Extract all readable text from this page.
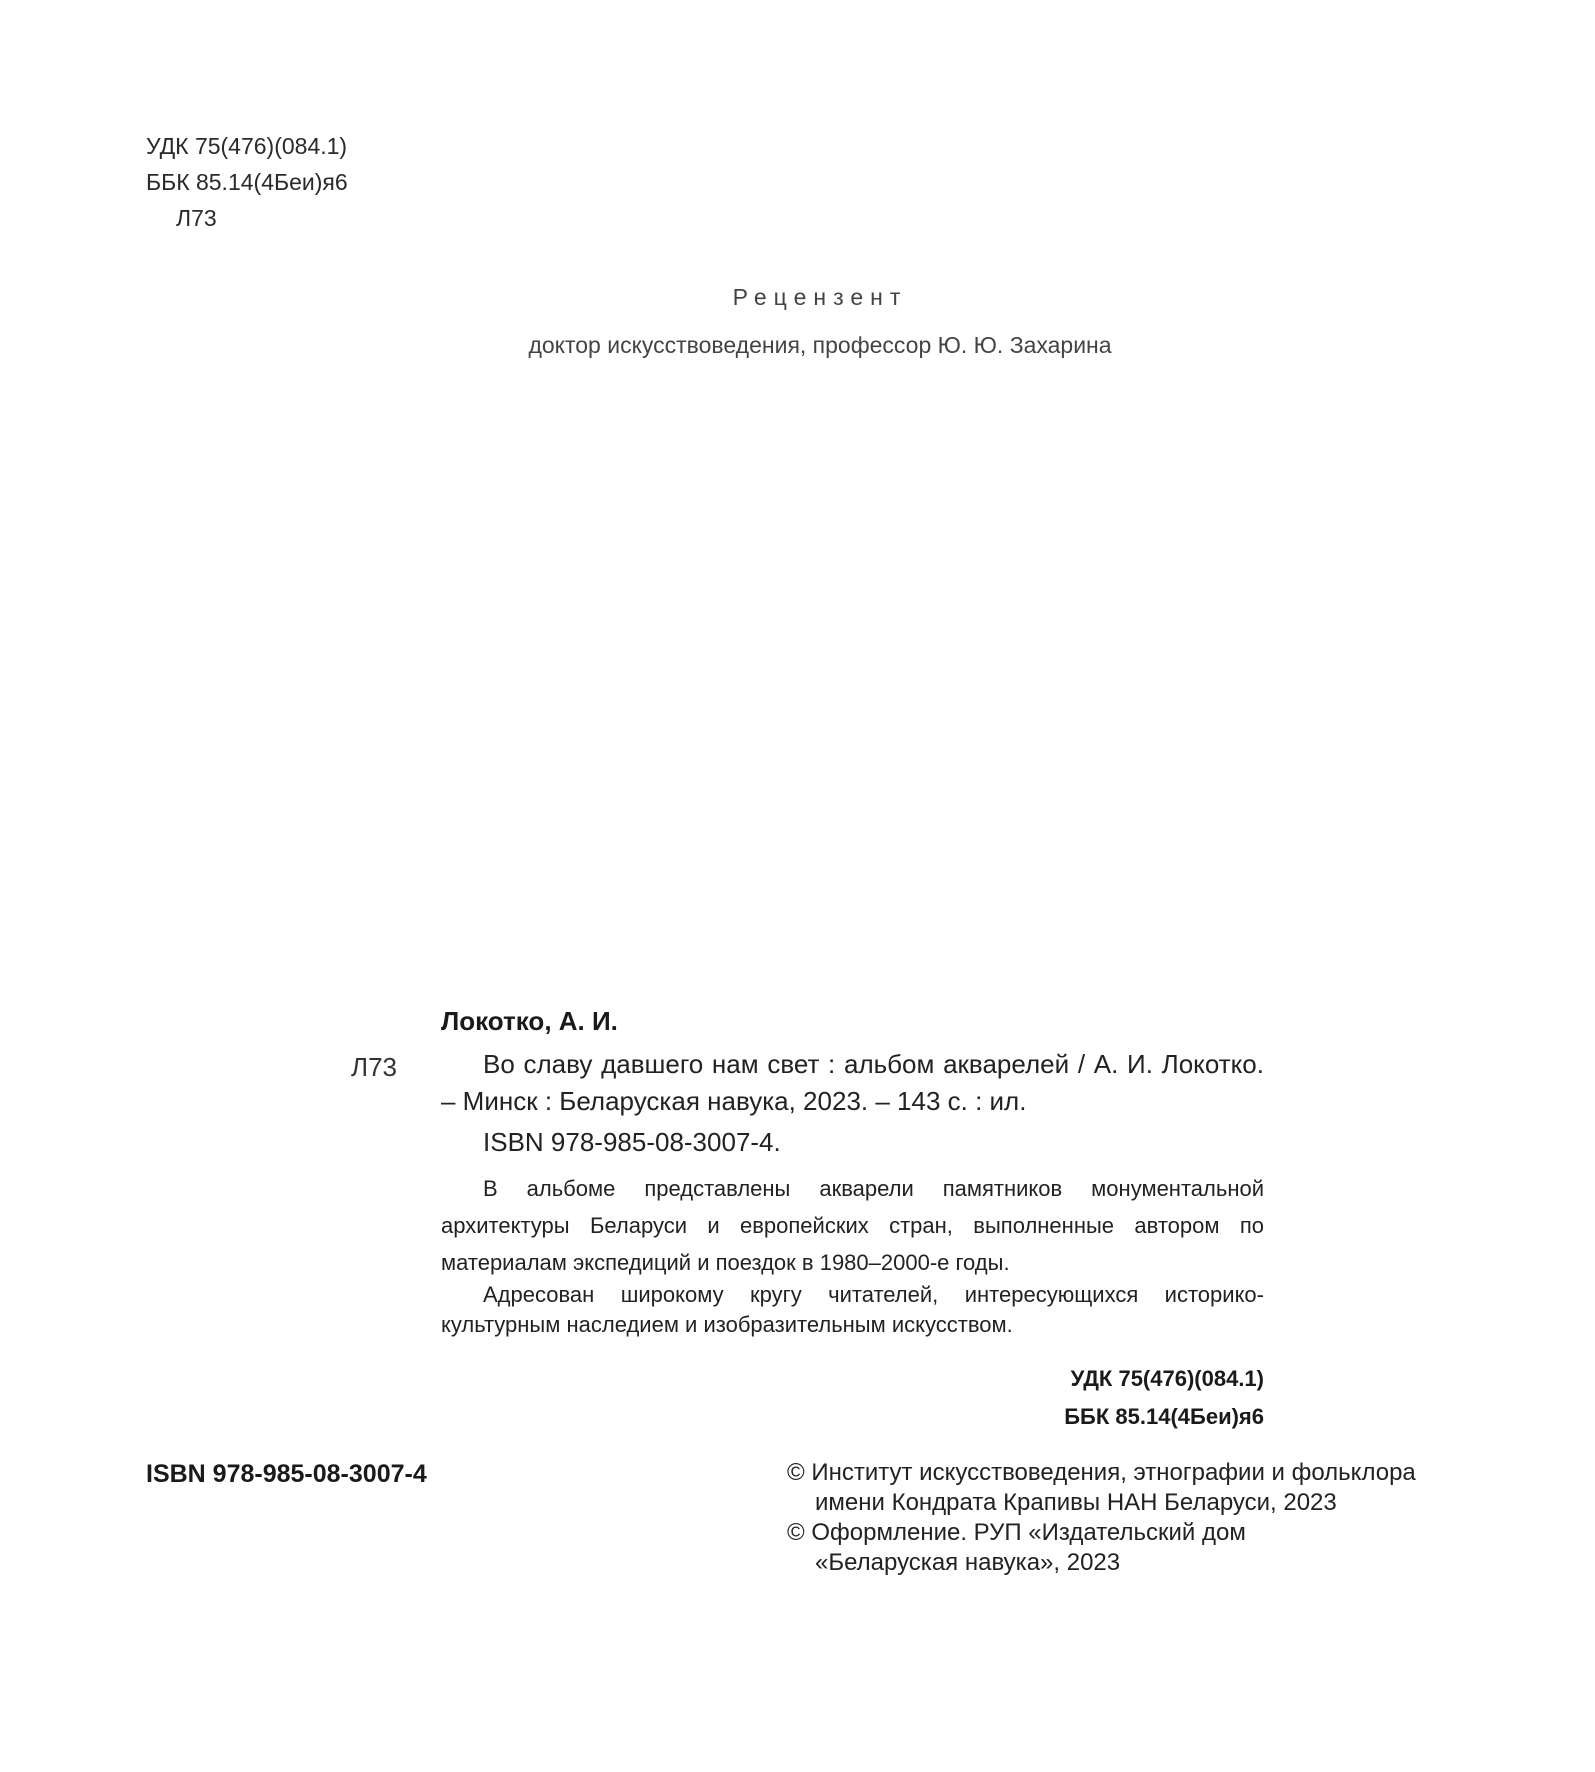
УДК 75(476)(084.1)
ББК 85.14(4Беи)я6
Л73
Рецензент
доктор искусствоведения, профессор Ю. Ю. Захарина
Л73
Локотко, А. И.
Во славу давшего нам свет : альбом акварелей / А. И. Локотко. – Минск : Беларуская навука, 2023. – 143 с. : ил.
ISBN 978-985-08-3007-4.
В альбоме представлены акварели памятников монументальной архитектуры Беларуси и европейских стран, выполненные автором по материалам экспедиций и поездок в 1980–2000-е годы.
Адресован широкому кругу читателей, интересующихся историко-культурным наследием и изобразительным искусством.
УДК 75(476)(084.1)
ББК 85.14(4Беи)я6
ISBN 978-985-08-3007-4	© Институт искусствоведения, этнографии и фольклора
имени Кондрата Крапивы НАН Беларуси, 2023
© Оформление. РУП «Издательский дом
«Беларуская навука», 2023
